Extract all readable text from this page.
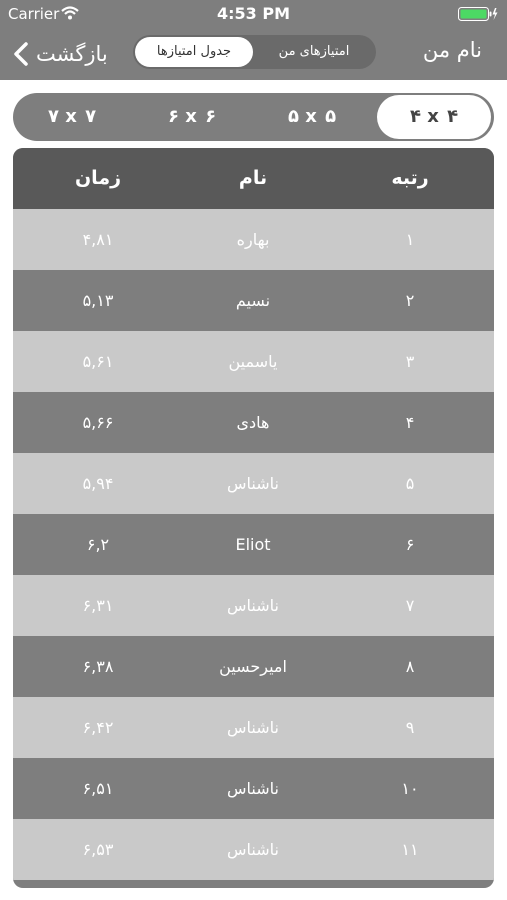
Carrier	4:53 PM
بازگشت	جدول امتیازها	امتیازهای من	نام من
۷ x ۷	۶ x ۶	۵ x ۵	۴ x ۴
زمان	نام	رتبه
۴,۸۱	بهاره	۱
۵,۱۳	نسیم	۲
۵,۶۱	یاسمین	۳
۵,۶۶	هادی	۴
۵,۹۴	ناشناس	۵
۶,۲	Eliot	۶
۶,۳۱	ناشناس	۷
۶,۳۸	امیرحسین	۸
۶,۴۲	ناشناس	۹
۶,۵۱	ناشناس	۱۰
۶,۵۳	ناشناس	۱۱
